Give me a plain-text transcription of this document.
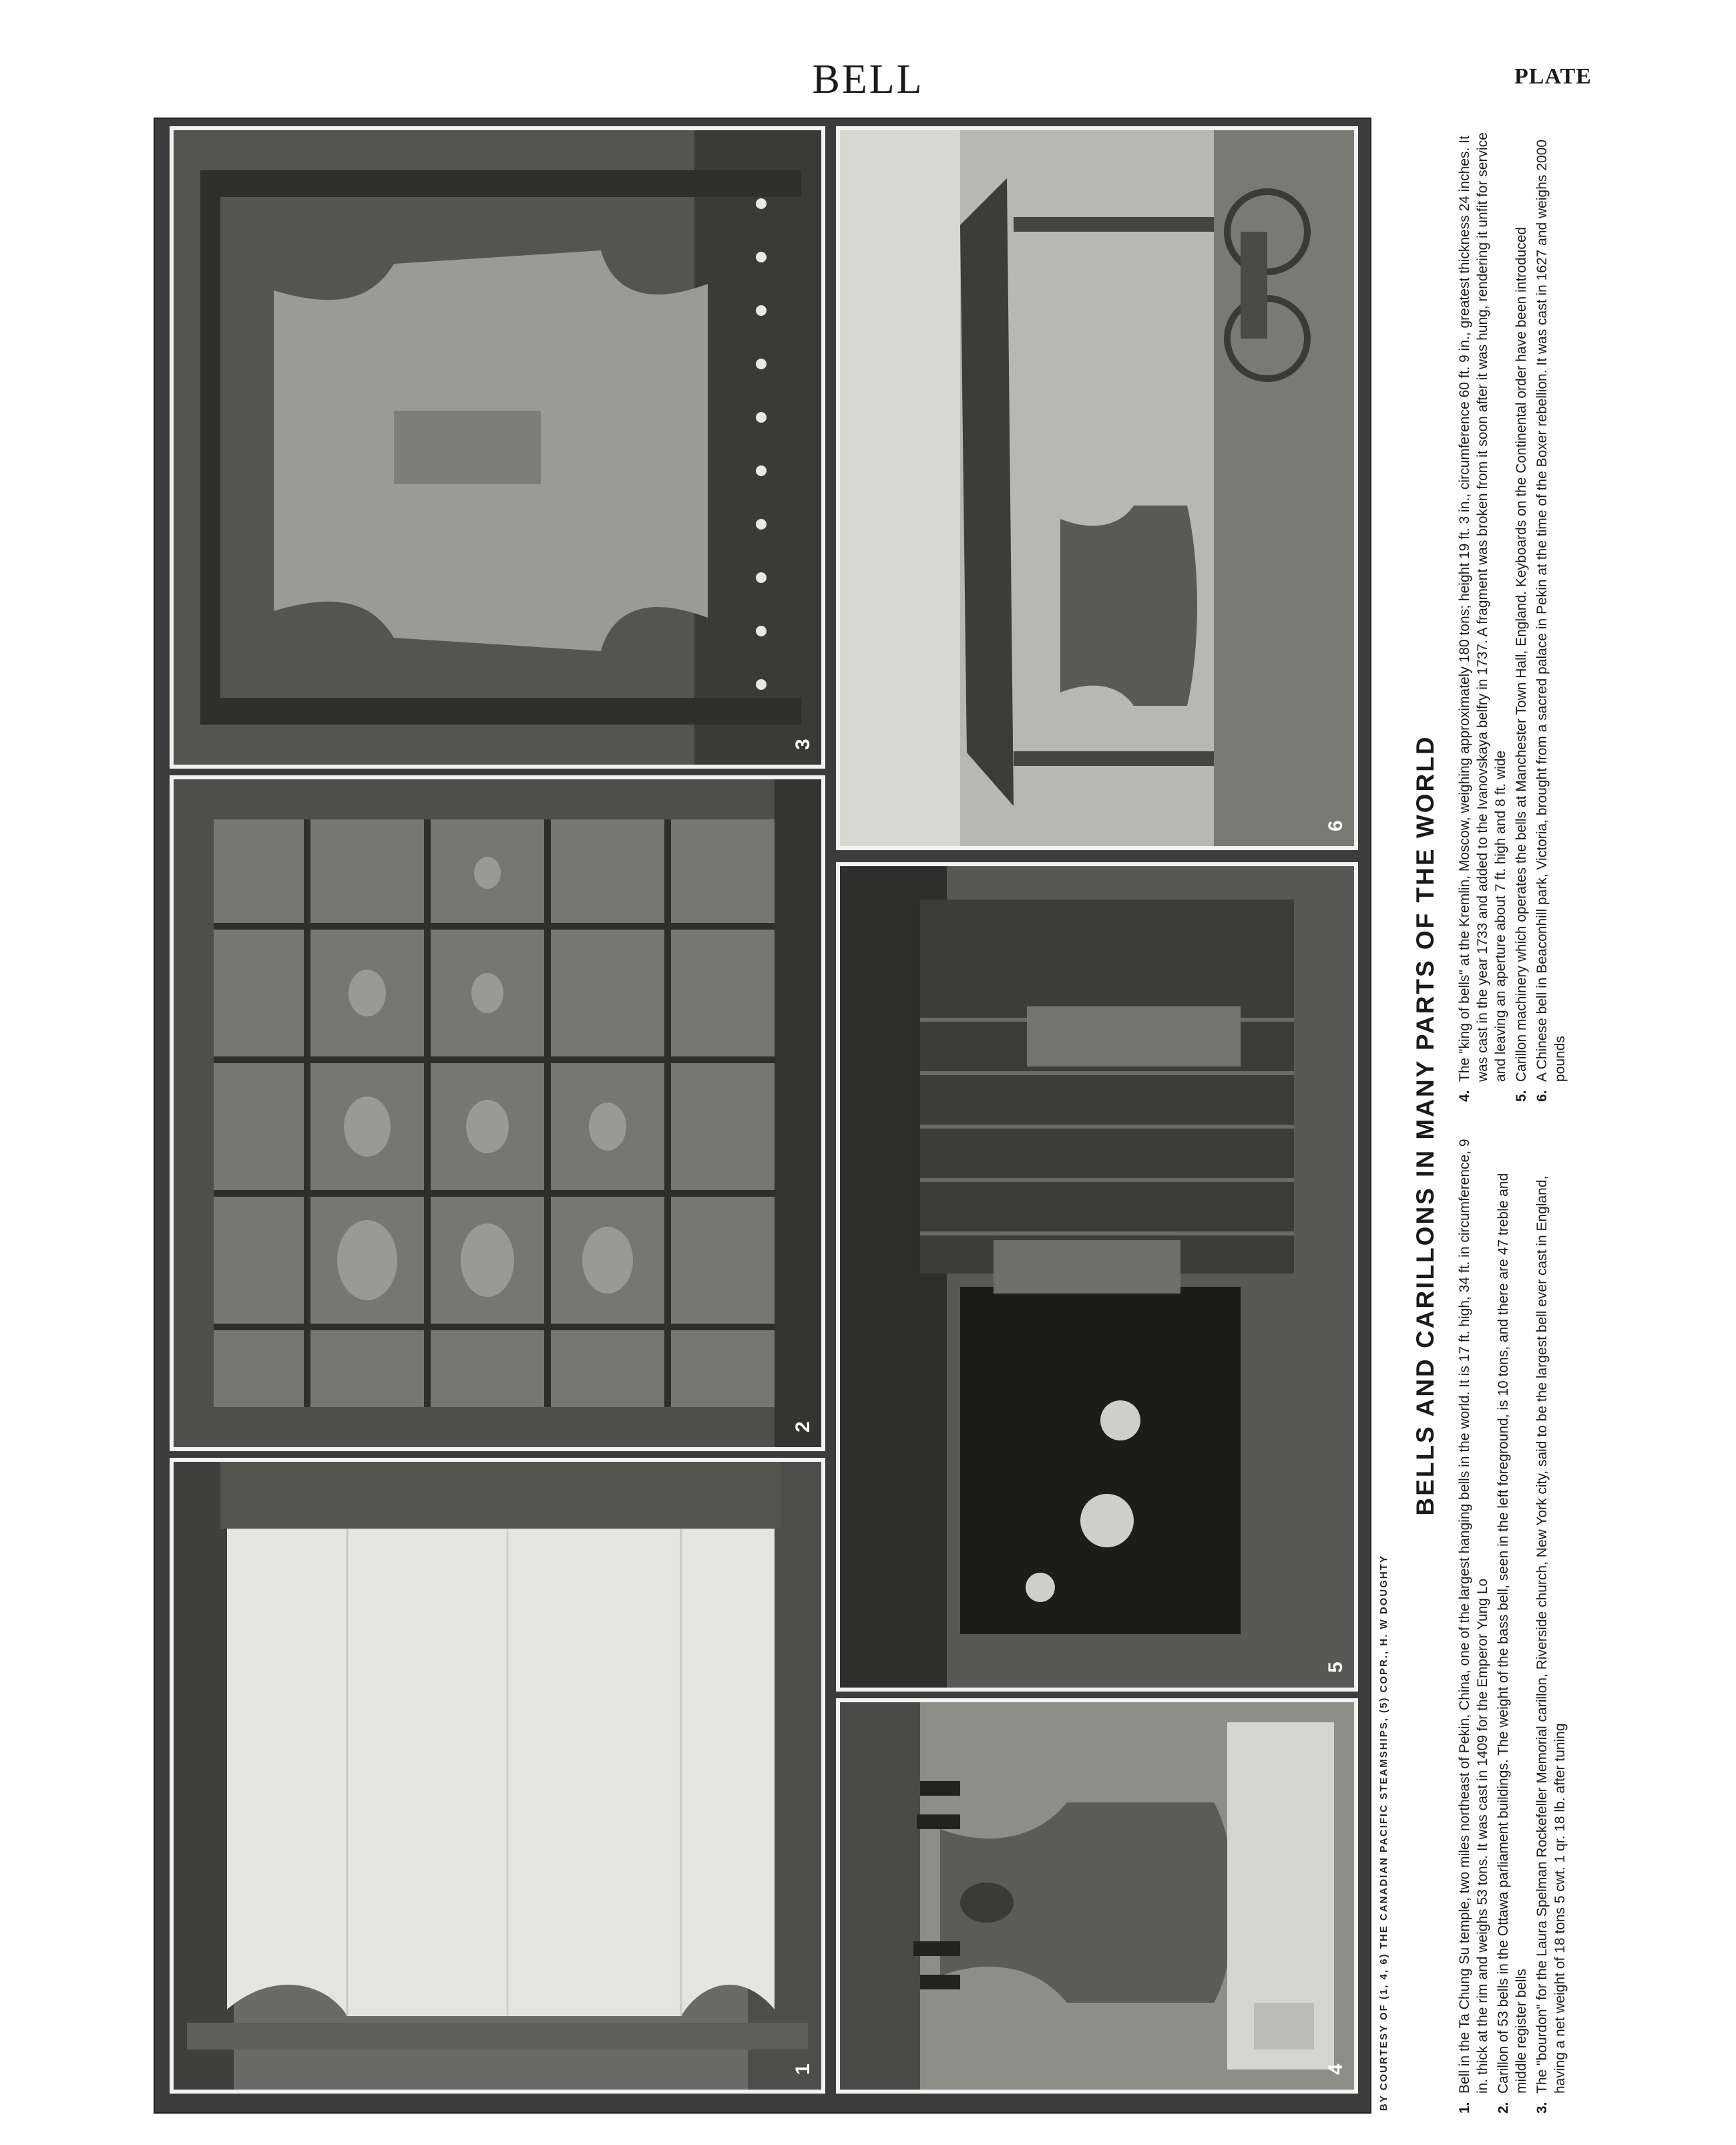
BELL	PLATE
1
2
3
4
5
6
BY COURTESY OF (1, 4, 6) THE CANADIAN PACIFIC STEAMSHIPS, (5) COPR., H. W DOUGHTY
BELLS AND CARILLONS IN MANY PARTS OF THE WORLD
1.
Bell in the Ta Chung Su temple, two miles northeast of Pekin, China, one of the largest hanging bells in the world. It is 17 ft. high, 34 ft. in circumference, 9 in. thick at the rim and weighs 53 tons. It was cast in 1409 for the Emperor Yung Lo
2.
Carillon of 53 bells in the Ottawa parliament buildings. The weight of the bass bell, seen in the left foreground, is 10 tons, and there are 47 treble and middle register bells
3.
The "bourdon" for the Laura Spelman Rockefeller Memorial carillon, Riverside church, New York city, said to be the largest bell ever cast in England, having a net weight of 18 tons 5 cwt. 1 qr. 18 lb. after tuning
4.
The "king of bells" at the Kremlin, Moscow, weighing approximately 180 tons; height 19 ft. 3 in., circumference 60 ft. 9 in., greatest thickness 24 inches. It was cast in the year 1733 and added to the Ivanovskaya belfry in 1737. A fragment was broken from it soon after it was hung, rendering it unfit for service and leaving an aperture about 7 ft. high and 8 ft. wide
5.
Carillon machinery which operates the bells at Manchester Town Hall, England. Keyboards on the Continental order have been introduced
6.
A Chinese bell in Beaconhill park, Victoria, brought from a sacred palace in Pekin at the time of the Boxer rebellion. It was cast in 1627 and weighs 2000 pounds
